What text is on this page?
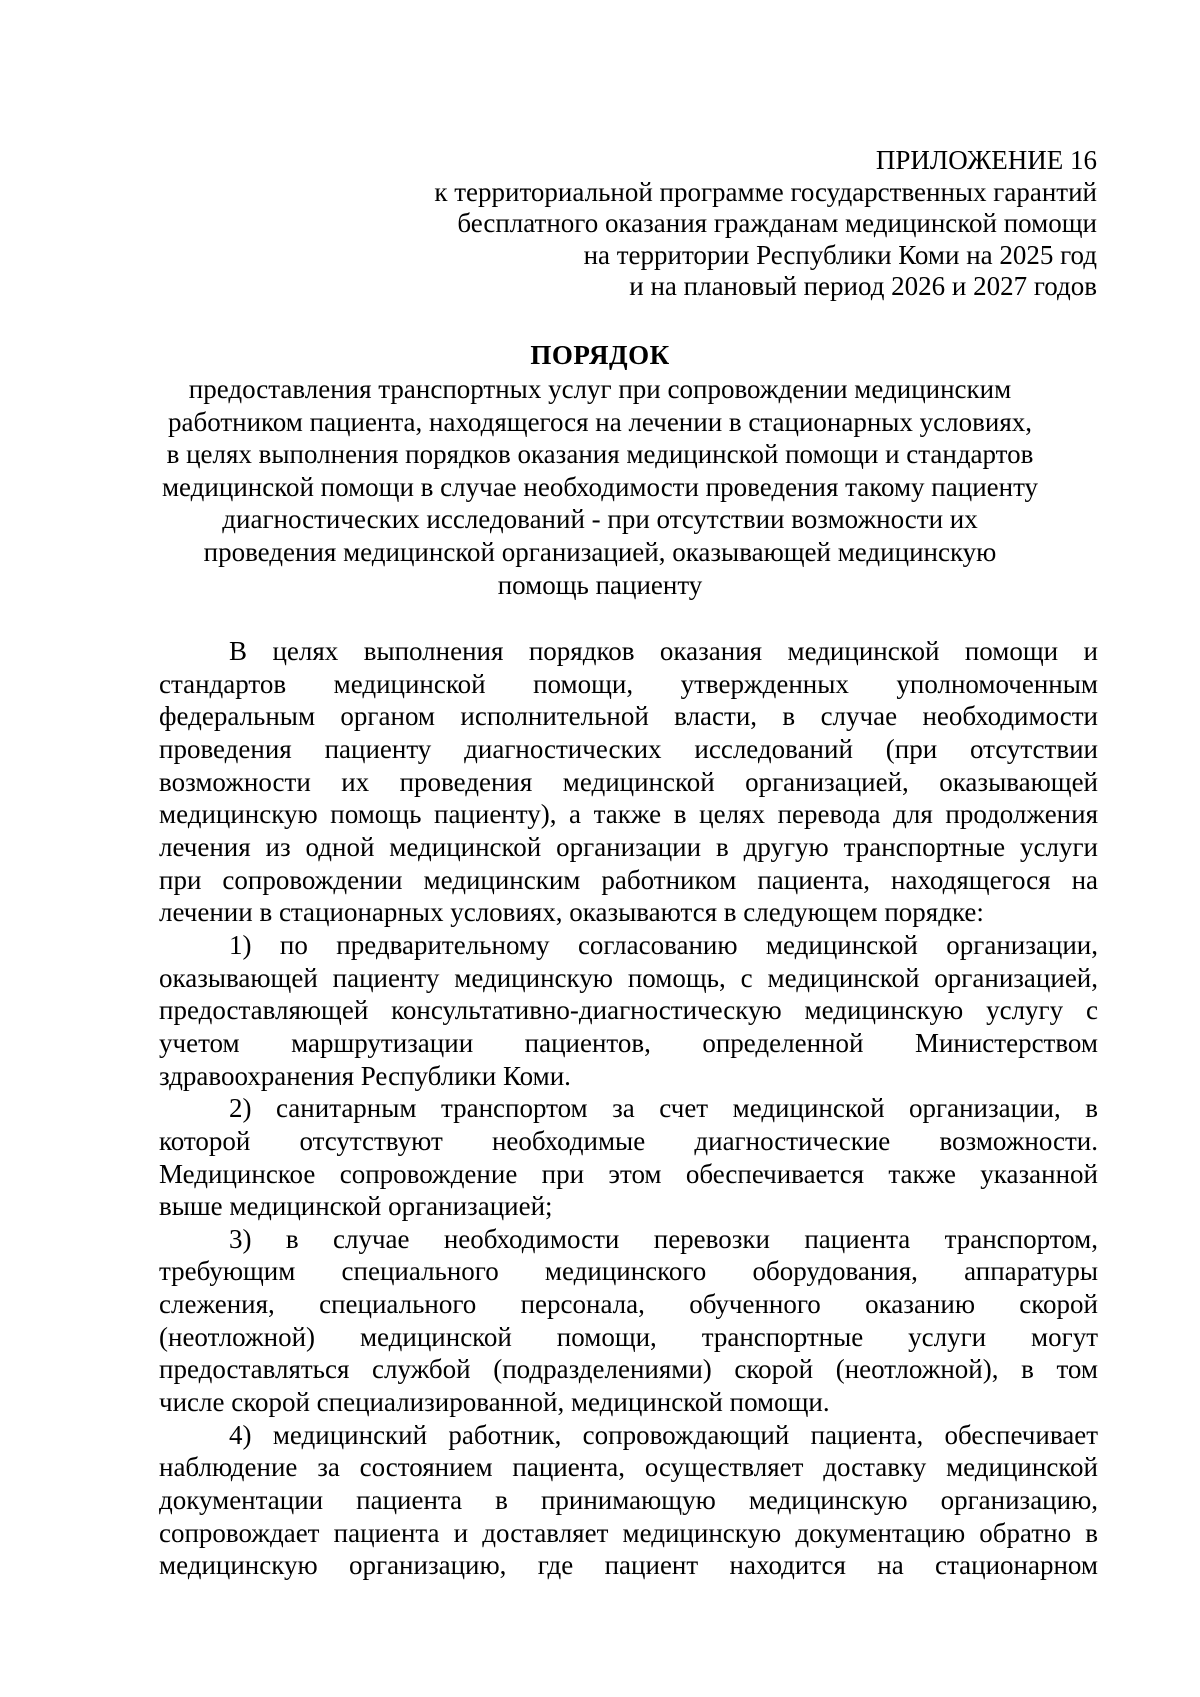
ПРИЛОЖЕНИЕ 16
к территориальной программе государственных гарантий
бесплатного оказания гражданам медицинской помощи
на территории Республики Коми на 2025 год
и на плановый период 2026 и 2027 годов
ПОРЯДОК
предоставления транспортных услуг при сопровождении медицинским
работником пациента, находящегося на лечении в стационарных условиях,
в целях выполнения порядков оказания медицинской помощи и стандартов
медицинской помощи в случае необходимости проведения такому пациенту
диагностических исследований - при отсутствии возможности их
проведения медицинской организацией, оказывающей медицинскую
помощь пациенту
В целях выполнения порядков оказания медицинской помощи и
стандартов медицинской помощи, утвержденных уполномоченным
федеральным органом исполнительной власти, в случае необходимости
проведения пациенту диагностических исследований (при отсутствии
возможности их проведения медицинской организацией, оказывающей
медицинскую помощь пациенту), а также в целях перевода для продолжения
лечения из одной медицинской организации в другую транспортные услуги
при сопровождении медицинским работником пациента, находящегося на
лечении в стационарных условиях, оказываются в следующем порядке:
1) по предварительному согласованию медицинской организации,
оказывающей пациенту медицинскую помощь, с медицинской организацией,
предоставляющей консультативно-диагностическую медицинскую услугу с
учетом маршрутизации пациентов, определенной Министерством
здравоохранения Республики Коми.
2) санитарным транспортом за счет медицинской организации, в
которой отсутствуют необходимые диагностические возможности.
Медицинское сопровождение при этом обеспечивается также указанной
выше медицинской организацией;
3) в случае необходимости перевозки пациента транспортом,
требующим специального медицинского оборудования, аппаратуры
слежения, специального персонала, обученного оказанию скорой
(неотложной) медицинской помощи, транспортные услуги могут
предоставляться службой (подразделениями) скорой (неотложной), в том
числе скорой специализированной, медицинской помощи.
4) медицинский работник, сопровождающий пациента, обеспечивает
наблюдение за состоянием пациента, осуществляет доставку медицинской
документации пациента в принимающую медицинскую организацию,
сопровождает пациента и доставляет медицинскую документацию обратно в
медицинскую организацию, где пациент находится на стационарном
